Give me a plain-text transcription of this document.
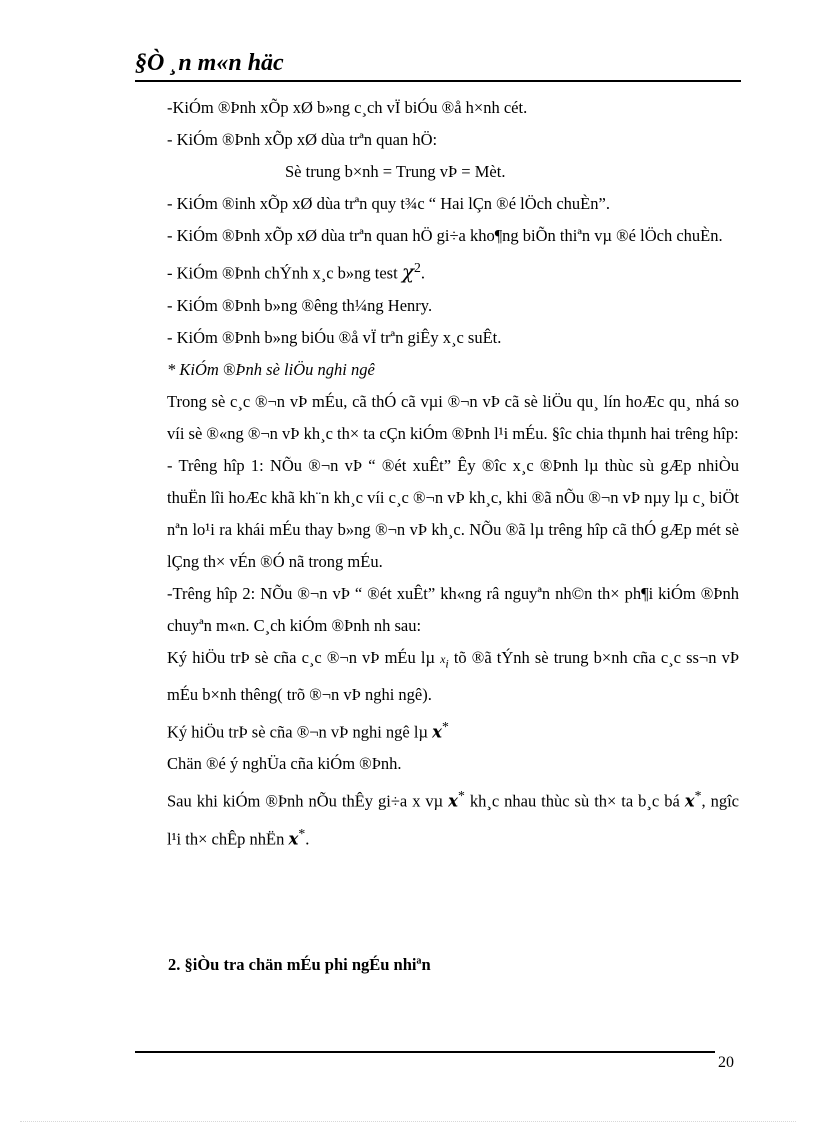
§Ò ¸n m«n häc

-KiÓm ®Þnh xÕp xØ b»ng c¸ch vÏ biÓu ®å h×nh cét.

- KiÓm ®Þnh xÕp xØ dùa trªn quan hÖ:

Sè trung b×nh = Trung vÞ = Mèt.

- KiÓm ®inh xÕp xØ dùa trªn quy t¾c “ Hai lÇn ®é lÖch chuÈn”.

- KiÓm ®Þnh xÕp xØ dùa trªn quan hÖ gi÷a kho¶ng biÕn thiªn vµ ®é lÖch chuÈn.

- KiÓm ®Þnh chÝnh x¸c b»ng test $\chi^2$.

- KiÓm ®Þnh b»ng ®êng th¼ng Henry.

- KiÓm ®Þnh b»ng biÓu ®å vÏ trªn giÊy x¸c suÊt.

* KiÓm ®Þnh sè liÖu nghi ngê

Trong sè c¸c ®¬n vÞ mÉu, cã thÓ cã vµi ®¬n vÞ cã sè liÖu qu¸ lín hoÆc qu¸ nhá so víi sè ®«ng ®¬n vÞ kh¸c th× ta cÇn kiÓm ®Þnh l¹i mÉu. §îc chia thµnh hai trêng hîp:

- Trêng hîp 1: NÕu ®¬n vÞ “ ®ét xuÊt” Êy ®îc x¸c ®Þnh lµ thùc sù gÆp nhiÒu thuËn lîi hoÆc khã kh¨n kh¸c víi c¸c ®¬n vÞ kh¸c, khi ®ã nÕu ®¬n vÞ nµy lµ c¸ biÖt nªn lo¹i ra khái mÉu thay b»ng ®¬n vÞ kh¸c. NÕu ®ã lµ trêng hîp cã thÓ gÆp mét sè lÇng th× vÉn ®Ó nã trong mÉu.

-Trêng hîp 2: NÕu ®¬n vÞ “ ®ét xuÊt” kh«ng râ nguyªn nh©n th× ph¶i kiÓm ®Þnh chuyªn m«n. C¸ch kiÓm ®Þnh nh sau:

Ký hiÖu trÞ sè cña c¸c ®¬n vÞ mÉu lµ $x_i$ tõ ®ã tÝnh sè trung b×nh cña c¸c ss¬n vÞ mÉu b×nh thêng( trõ ®¬n vÞ nghi ngê).

Ký hiÖu trÞ sè cña ®¬n vÞ nghi ngê lµ x*

Chän ®é ý nghÜa cña kiÓm ®Þnh.

Sau khi kiÓm ®Þnh nÕu thÊy gi÷a x vµ x* kh¸c nhau thùc sù th× ta b¸c bá x*, ngîc l¹i th× chÊp nhËn x*.

2. §iÒu tra chän mÉu phi ngÉu nhiªn
20
